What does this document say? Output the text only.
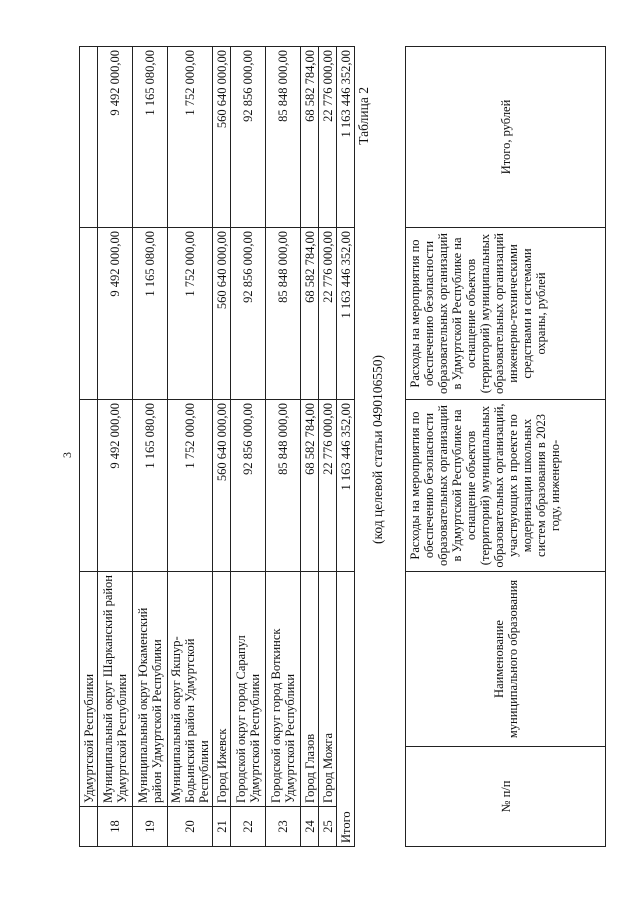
3
	Удмуртской Республики			
18	Муниципальный округ Шарканский район Удмуртской Республики	9 492 000,00	9 492 000,00	9 492 000,00
19	Муниципальный округ Юкаменский район Удмуртской Республики	1 165 080,00	1 165 080,00	1 165 080,00
20	Муниципальный округ Якшур-Бодьинский район Удмуртской Республики	1 752 000,00	1 752 000,00	1 752 000,00
21	Город Ижевск	560 640 000,00	560 640 000,00	560 640 000,00
22	Городской округ город Сарапул Удмуртской Республики	92 856 000,00	92 856 000,00	92 856 000,00
23	Городской округ город Воткинск Удмуртской Республики	85 848 000,00	85 848 000,00	85 848 000,00
24	Город Глазов	68 582 784,00	68 582 784,00	68 582 784,00
25	Город Можга	22 776 000,00	22 776 000,00	22 776 000,00
Итого		1 163 446 352,00	1 163 446 352,00	1 163 446 352,00 Таблица 2
(код целевой статьи 0490106550)
№ п/п	Наименование муниципального образования	Расходы на мероприятия по обеспечению безопасности образовательных организаций в Удмуртской Республике на оснащение объектов (территорий) муниципальных образовательных организаций, участвующих в проекте по модернизации школьных систем образования в 2023 году, инженерно-	Расходы на мероприятия по обеспечению безопасности образовательных организаций в Удмуртской Республике на оснащение объектов (территорий) муниципальных образовательных организаций инженерно-техническими средствами и системами охраны, рублей	Итого, рублей
